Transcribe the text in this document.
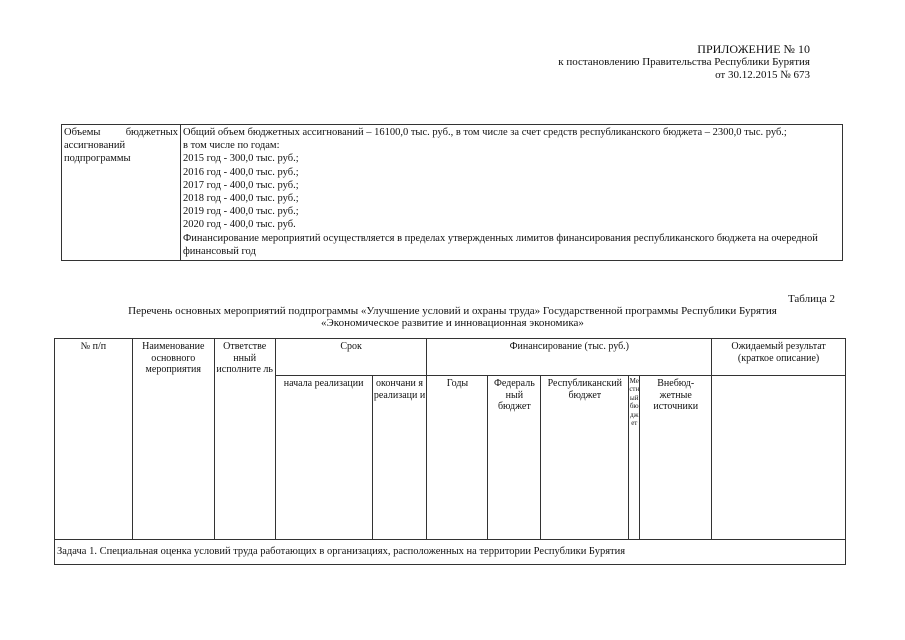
ПРИЛОЖЕНИЕ № 10
к постановлению Правительства Республики Бурятия
от 30.12.2015 № 673
Объемы бюджетных
ассигнований
подпрограммы

Общий объем бюджетных ассигнований – 16100,0 тыс. руб., в том числе за счет средств республиканского бюджета – 2300,0 тыс. руб.;
в том числе по годам:
2015 год - 300,0 тыс. руб.;
2016 год - 400,0 тыс. руб.;
2017 год - 400,0 тыс. руб.;
2018 год - 400,0 тыс. руб.;
2019 год - 400,0 тыс. руб.;
2020 год - 400,0 тыс. руб.
Финансирование мероприятий осуществляется в пределах утвержденных лимитов финансирования республиканского бюджета на очередной финансовый год
Таблица 2
Перечень основных мероприятий подпрограммы «Улучшение условий и охраны труда» Государственной программы Республики Бурятия
«Экономическое развитие и инновационная экономика»
№ п/п	Наименование основного мероприятия	Ответстве нный исполните ль	Срок		Финансирование (тыс. руб.)					Ожидаемый результат (краткое описание)
			начала реализации	окончани я реализаци и	Годы	Федераль ный бюджет	Республиканский бюджет	Местный бюджет	Внебюд- жетные источники	
Задача 1. Специальная оценка условий труда работающих в организациях, расположенных на территории Республики Бурятия										
